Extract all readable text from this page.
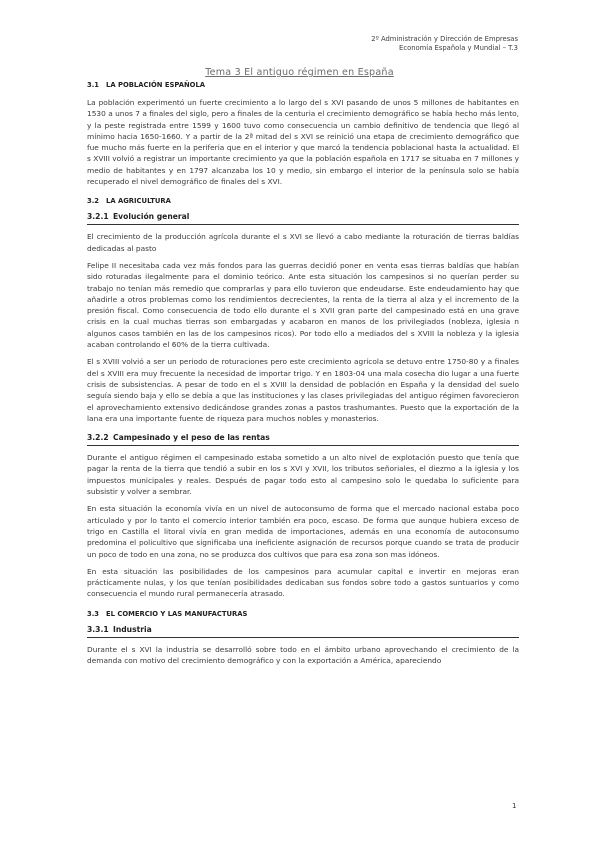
2º Administración y Dirección de Empresas
Economía Española y Mundial – T.3
Tema 3 El antiguo régimen en España
3.1 LA POBLACIÓN ESPAÑOLA

La población experimentó un fuerte crecimiento a lo largo del s XVI pasando de unos 5 millones de habitantes en 1530 a unos 7 a finales del siglo, pero a finales de la centuria el crecimiento demográfico se había hecho más lento, y la peste registrada entre 1599 y 1600 tuvo como consecuencia un cambio definitivo de tendencia que llegó al mínimo hacia 1650-1660. Y a partir de la 2ª mitad del s XVI se reinició una etapa de crecimiento demográfico que fue mucho más fuerte en la periferia que en el interior y que marcó la tendencia poblacional hasta la actualidad. El s XVIII volvió a registrar un importante crecimiento ya que la población española en 1717 se situaba en 7 millones y medio de habitantes y en 1797 alcanzaba los 10 y medio, sin embargo el interior de la península solo se había recuperado el nivel demográfico de finales del s XVI.

3.2 LA AGRICULTURA
3.2.1 Evolución general

El crecimiento de la producción agrícola durante el s XVI se llevó a cabo mediante la roturación de tierras baldías dedicadas al pasto

Felipe II necesitaba cada vez más fondos para las guerras decidió poner en venta esas tierras baldías que habían sido roturadas ilegalmente para el dominio teórico. Ante esta situación los campesinos si no querían perder su trabajo no tenían más remedio que comprarlas y para ello tuvieron que endeudarse. Este endeudamiento hay que añadirle a otros problemas como los rendimientos decrecientes, la renta de la tierra al alza y el incremento de la presión fiscal. Como consecuencia de todo ello durante el s XVII gran parte del campesinado está en una grave crisis en la cual muchas tierras son embargadas y acabaron en manos de los privilegiados (nobleza, iglesia n algunos casos también en las de los campesinos ricos). Por todo ello a mediados del s XVIII la nobleza y la iglesia acaban controlando el 60% de la tierra cultivada.

El s XVIII volvió a ser un periodo de roturaciones pero este crecimiento agrícola se detuvo entre 1750-80 y a finales del s XVIII era muy frecuente la necesidad de importar trigo. Y en 1803-04 una mala cosecha dio lugar a una fuerte crisis de subsistencias. A pesar de todo en el s XVIII la densidad de población en España y la densidad del suelo seguía siendo baja y ello se debía a que las instituciones y las clases privilegiadas del antiguo régimen favorecieron el aprovechamiento extensivo dedicándose grandes zonas a pastos trashumantes. Puesto que la exportación de la lana era una importante fuente de riqueza para muchos nobles y monasterios.

3.2.2 Campesinado y el peso de las rentas

Durante el antiguo régimen el campesinado estaba sometido a un alto nivel de explotación puesto que tenía que pagar la renta de la tierra que tendió a subir en los s XVI y XVII, los tributos señoriales, el diezmo a la iglesia y los impuestos municipales y reales. Después de pagar todo esto al campesino solo le quedaba lo suficiente para subsistir y volver a sembrar.

En esta situación la economía vivía en un nivel de autoconsumo de forma que el mercado nacional estaba poco articulado y por lo tanto el comercio interior también era poco, escaso. De forma que aunque hubiera exceso de trigo en Castilla el litoral vivía en gran medida de importaciones, además en una economía de autoconsumo predomina el policultivo que significaba una ineficiente asignación de recursos porque cuando se trata de producir un poco de todo en una zona, no se produzca dos cultivos que para esa zona son mas idóneos.

En esta situación las posibilidades de los campesinos para acumular capital e invertir en mejoras eran prácticamente nulas, y los que tenían posibilidades dedicaban sus fondos sobre todo a gastos suntuarios y como consecuencia el mundo rural permanecería atrasado.

3.3 EL COMERCIO Y LAS MANUFACTURAS
3.3.1 Industria

Durante el s XVI la industria se desarrolló sobre todo en el ámbito urbano aprovechando el crecimiento de la demanda con motivo del crecimiento demográfico y con la exportación a América, apareciendo

1
